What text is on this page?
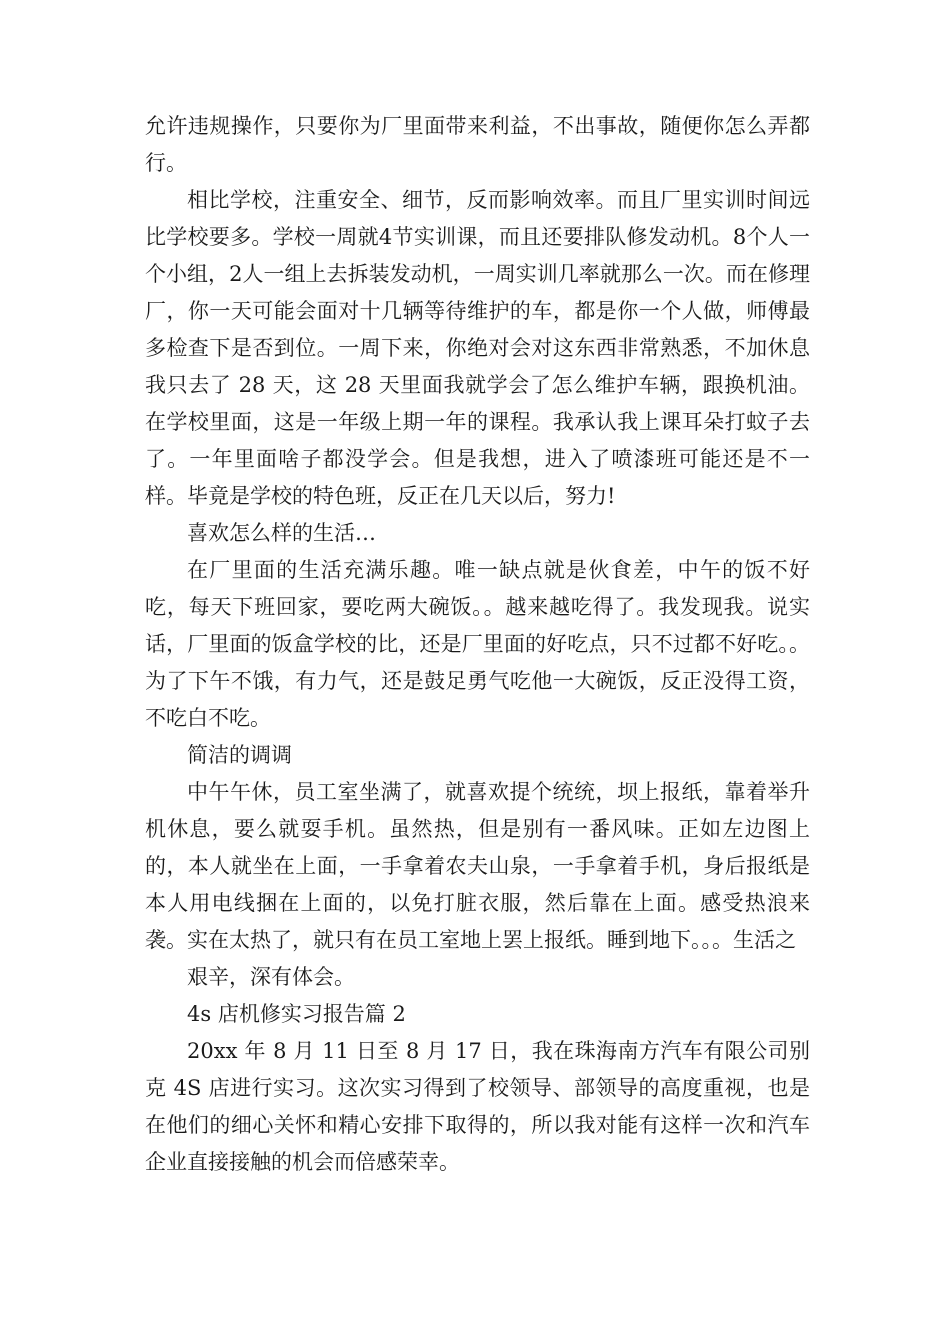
允许违规操作，只要你为厂里面带来利益，不出事故，随便你怎么弄都行。

相比学校，注重安全、细节，反而影响效率。而且厂里实训时间远比学校要多。学校一周就4节实训课，而且还要排队修发动机。8个人一个小组，2人一组上去拆装发动机，一周实训几率就那么一次。而在修理厂，你一天可能会面对十几辆等待维护的车，都是你一个人做，师傅最多检查下是否到位。一周下来，你绝对会对这东西非常熟悉，不加休息我只去了 28 天，这 28 天里面我就学会了怎么维护车辆，跟换机油。在学校里面，这是一年级上期一年的课程。我承认我上课耳朵打蚊子去了。一年里面啥子都没学会。但是我想，进入了喷漆班可能还是不一样。毕竟是学校的特色班，反正在几天以后，努力!

喜欢怎么样的生活…

在厂里面的生活充满乐趣。唯一缺点就是伙食差，中午的饭不好吃，每天下班回家，要吃两大碗饭。。越来越吃得了。我发现我。说实话，厂里面的饭盒学校的比，还是厂里面的好吃点，只不过都不好吃。。为了下午不饿，有力气，还是鼓足勇气吃他一大碗饭，反正没得工资，不吃白不吃。

简洁的调调

中午午休，员工室坐满了，就喜欢提个统统，坝上报纸，靠着举升机休息，要么就耍手机。虽然热，但是别有一番风味。正如左边图上的，本人就坐在上面，一手拿着农夫山泉，一手拿着手机，身后报纸是本人用电线捆在上面的，以免打脏衣服，然后靠在上面。感受热浪来袭。实在太热了，就只有在员工室地上罢上报纸。睡到地下。。。生活之

艰辛，深有体会。

4s 店机修实习报告篇 2

20xx 年 8 月 11 日至 8 月 17 日，我在珠海南方汽车有限公司别克 4S 店进行实习。这次实习得到了校领导、部领导的高度重视，也是在他们的细心关怀和精心安排下取得的，所以我对能有这样一次和汽车企业直接接触的机会而倍感荣幸。
